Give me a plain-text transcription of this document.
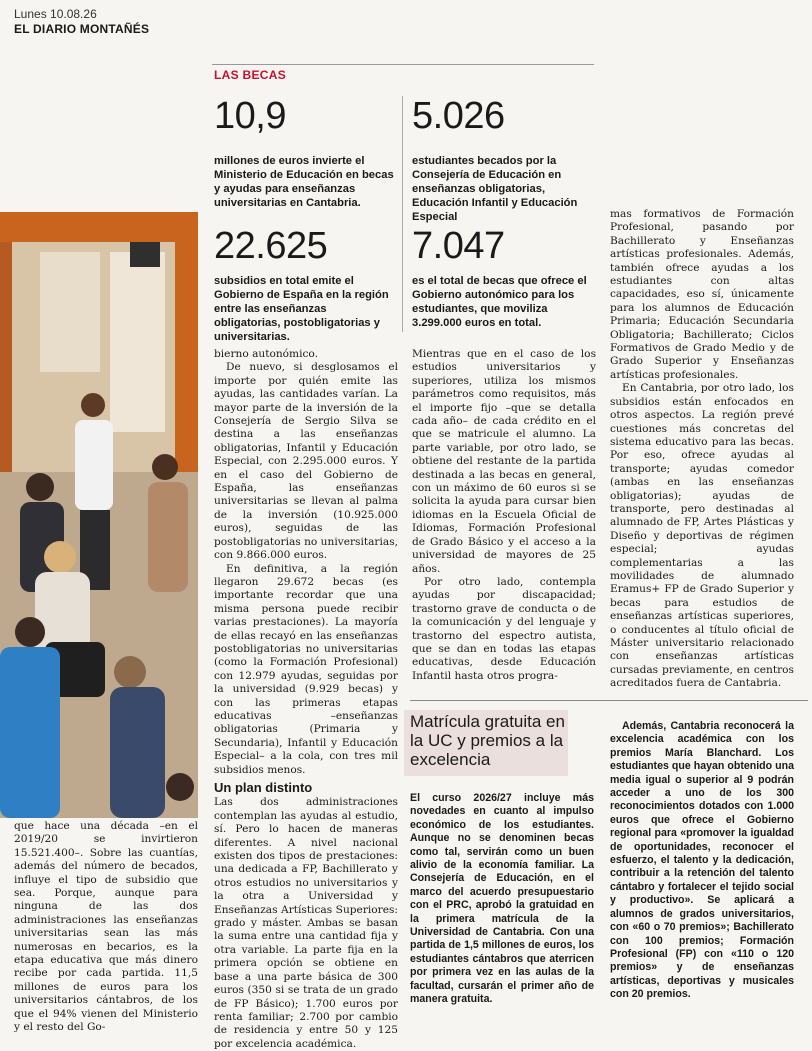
Lunes 10.08.26
EL DIARIO MONTAÑÉS
LAS BECAS
10,9
millones de euros invierte el Ministerio de Educación en becas y ayudas para enseñanzas universitarias en Cantabria.
5.026
estudiantes becados por la Consejería de Educación en enseñanzas obligatorias, Educación Infantil y Educación Especial
22.625
subsidios en total emite el Gobierno de España en la región entre las enseñanzas obligatorias, postobligatorias y universitarias.
7.047
es el total de becas que ofrece el Gobierno autonómico para los estudiantes, que moviliza 3.299.000 euros en total.

que hace una década –en el 2019/20 se invirtieron 15.521.400–. Sobre las cuantías, además del número de becados, influye el tipo de subsidio que sea. Porque, aunque para ninguna de las dos administraciones las enseñanzas universitarias sean las más numerosas en becarios, es la etapa educativa que más dinero recibe por cada partida. 11,5 millones de euros para los universitarios cántabros, de los que el 94% vienen del Ministerio y el resto del Go-

bierno autonómico.

De nuevo, si desglosamos el importe por quién emite las ayudas, las cantidades varían. La mayor parte de la inversión de la Consejería de Sergio Silva se destina a las enseñanzas obligatorias, Infantil y Educación Especial, con 2.295.000 euros. Y en el caso del Gobierno de España, las enseñanzas universitarias se llevan al palma de la inversión (10.925.000 euros), seguidas de las postobligatorias no universitarias, con 9.866.000 euros.

En definitiva, a la región llegaron 29.672 becas (es importante recordar que una misma persona puede recibir varias prestaciones). La mayoría de ellas recayó en las enseñanzas postobligatorias no universitarias (como la Formación Profesional) con 12.979 ayudas, seguidas por la universidad (9.929 becas) y con las primeras etapas educativas –enseñanzas obligatorias (Primaria y Secundaria), Infantil y Educación Especial– a la cola, con tres mil subsidios menos.

Un plan distinto

Las dos administraciones contemplan las ayudas al estudio, sí. Pero lo hacen de maneras diferentes. A nivel nacional existen dos tipos de prestaciones: una dedicada a FP, Bachillerato y otros estudios no universitarios y la otra a Universidad y Enseñanzas Artísticas Superiores: grado y máster. Ambas se basan la suma entre una cantidad fija y otra variable. La parte fija en la primera opción se obtiene en base a una parte básica de 300 euros (350 si se trata de un grado de FP Básico); 1.700 euros por renta familiar; 2.700 por cambio de residencia y entre 50 y 125 por excelencia académica.

Mientras que en el caso de los estudios universitarios y superiores, utiliza los mismos parámetros como requisitos, más el importe fijo –que se detalla cada año– de cada crédito en el que se matricule el alumno. La parte variable, por otro lado, se obtiene del restante de la partida destinada a las becas en general, con un máximo de 60 euros si se solicita la ayuda para cursar bien idiomas en la Escuela Oficial de Idiomas, Formación Profesional de Grado Básico y el acceso a la universidad de mayores de 25 años.

Por otro lado, contempla ayudas por discapacidad; trastorno grave de conducta o de la comunicación y del lenguaje y trastorno del espectro autista, que se dan en todas las etapas educativas, desde Educación Infantil hasta otros progra-

mas formativos de Formación Profesional, pasando por Bachillerato y Enseñanzas artísticas profesionales. Además, también ofrece ayudas a los estudiantes con altas capacidades, eso sí, únicamente para los alumnos de Educación Primaria; Educación Secundaria Obligatoria; Bachillerato; Ciclos Formativos de Grado Medio y de Grado Superior y Enseñanzas artísticas profesionales.

En Cantabria, por otro lado, los subsidios están enfocados en otros aspectos. La región prevé cuestiones más concretas del sistema educativo para las becas. Por eso, ofrece ayudas al transporte; ayudas comedor (ambas en las enseñanzas obligatorias); ayudas de transporte, pero destinadas al alumnado de FP, Artes Plásticas y Diseño y deportivas de régimen especial; ayudas complementarias a las movilidades de alumnado Eramus+ FP de Grado Superior y becas para estudios de enseñanzas artísticas superiores, o conducentes al título oficial de Máster universitario relacionado con enseñanzas artísticas cursadas previamente, en centros acreditados fuera de Cantabria.

Matrícula gratuita en la UC y premios a la excelencia

El curso 2026/27 incluye más novedades en cuanto al impulso económico de los estudiantes. Aunque no se denominen becas como tal, servirán como un buen alivio de la economía familiar. La Consejería de Educación, en el marco del acuerdo presupuestario con el PRC, aprobó la gratuidad en la primera matrícula de la Universidad de Cantabria. Con una partida de 1,5 millones de euros, los estudiantes cántabros que aterricen por primera vez en las aulas de la facultad, cursarán el primer año de manera gratuita.

Además, Cantabria reconocerá la excelencia académica con los premios María Blanchard. Los estudiantes que hayan obtenido una media igual o superior al 9 podrán acceder a uno de los 300 reconocimientos dotados con 1.000 euros que ofrece el Gobierno regional para «promover la igualdad de oportunidades, reconocer el esfuerzo, el talento y la dedicación, contribuir a la retención del talento cántabro y fortalecer el tejido social y productivo». Se aplicará a alumnos de grados universitarios, con «60 o 70 premios»; Bachillerato con 100 premios; Formación Profesional (FP) con «110 o 120 premios» y de enseñanzas artísticas, deportivas y musicales con 20 premios.
